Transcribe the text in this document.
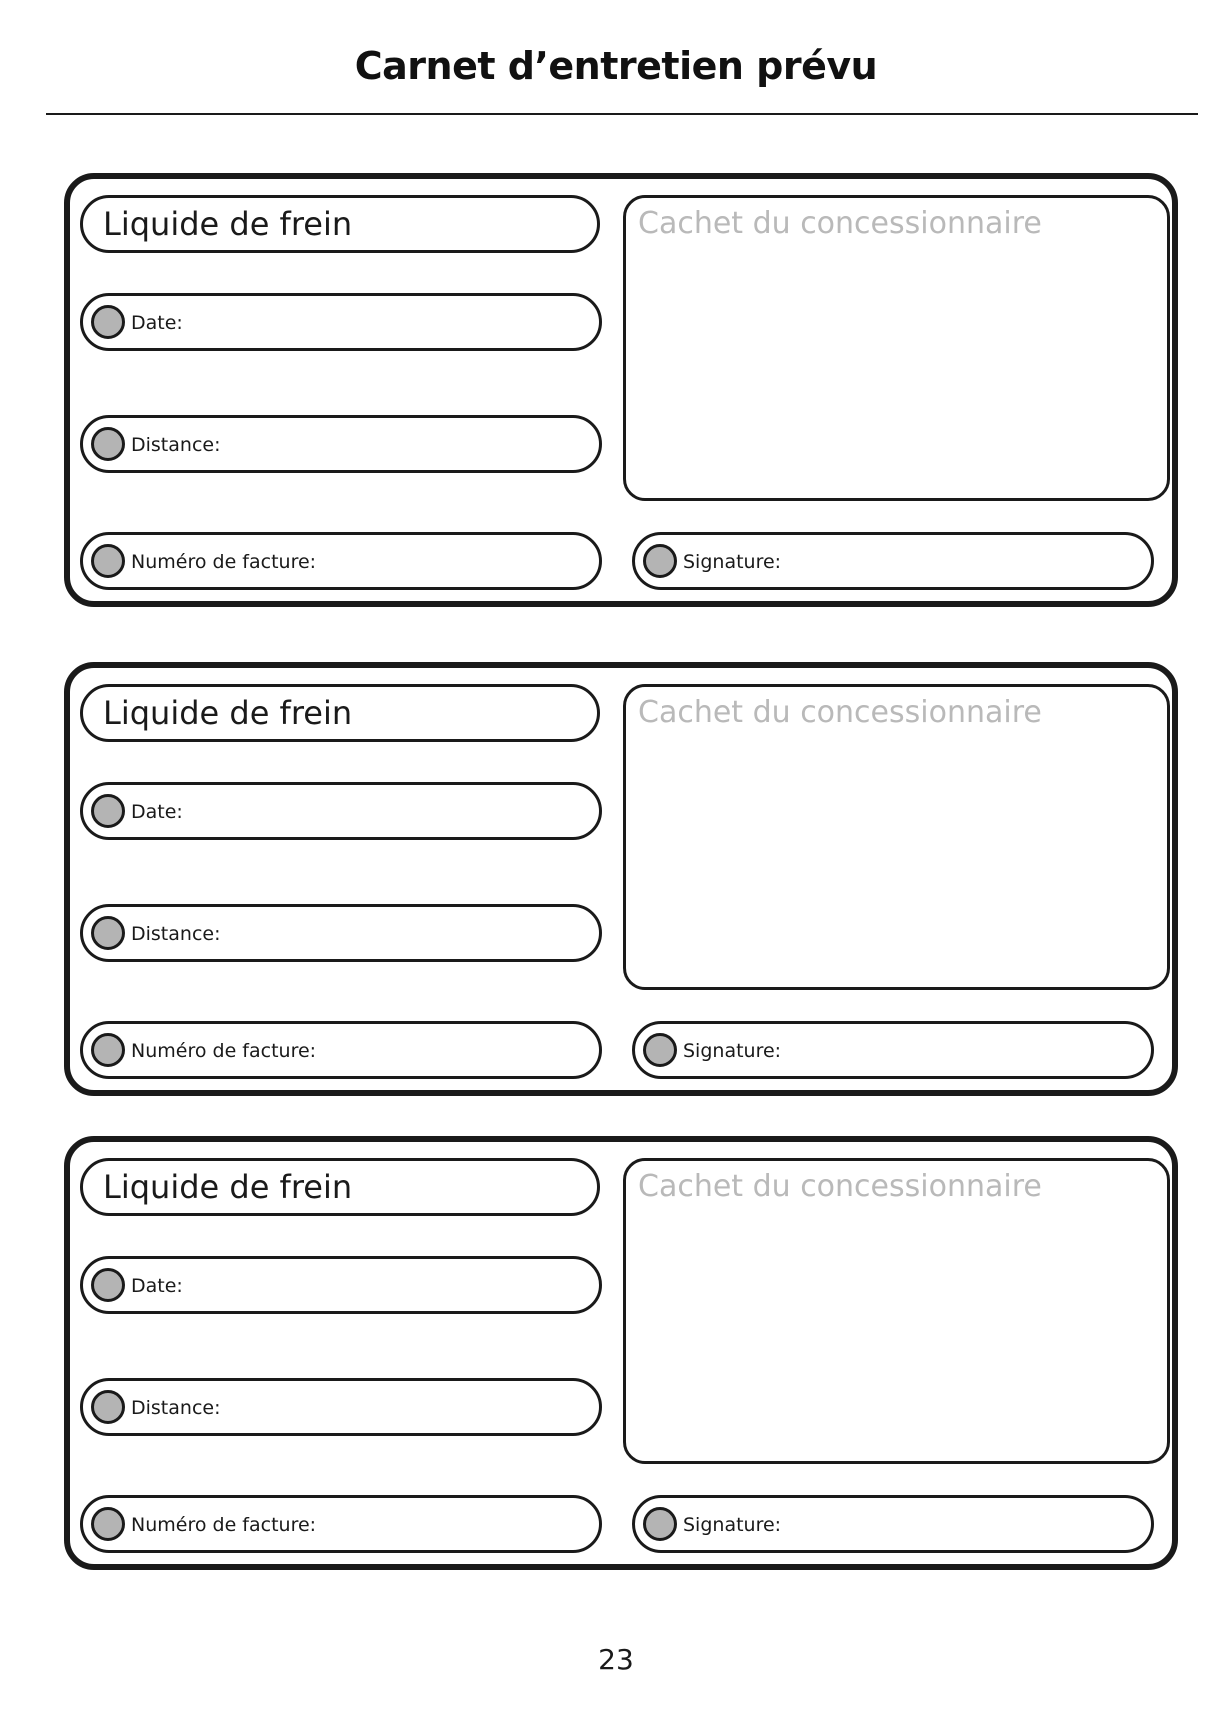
Carnet d’entretien prévu
Liquide de frein
Date:
Distance:
Numéro de facture:
Cachet du concessionnaire
Signature:
Liquide de frein
Date:
Distance:
Numéro de facture:
Cachet du concessionnaire
Signature:
Liquide de frein
Date:
Distance:
Numéro de facture:
Cachet du concessionnaire
Signature:
23
